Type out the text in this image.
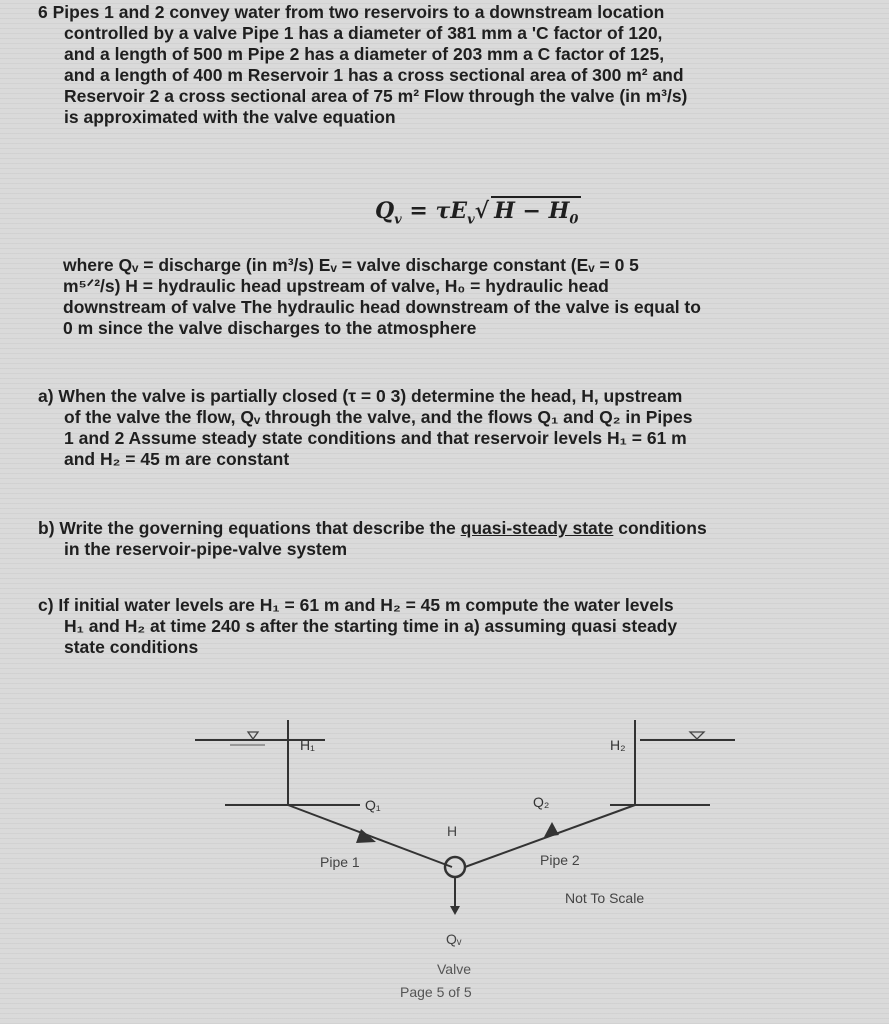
6 Pipes 1 and 2 convey water from two reservoirs to a downstream location
controlled by a valve Pipe 1 has a diameter of 381 mm a 'C factor of 120,
and a length of 500 m Pipe 2 has a diameter of 203 mm a C factor of 125,
and a length of 400 m Reservoir 1 has a cross sectional area of 300 m² and
Reservoir 2 a cross sectional area of 75 m² Flow through the valve (in m³/s)
is approximated with the valve equation
$Q_v = \tau E_v√$ $H - H_0$
where Qᵥ = discharge (in m³/s) Eᵥ = valve discharge constant (Eᵥ = 0 5
m⁵ᐟ²/s) H = hydraulic head upstream of valve, H₀ = hydraulic head
downstream of valve The hydraulic head downstream of the valve is equal to
0 m since the valve discharges to the atmosphere
a) When the valve is partially closed (τ = 0 3) determine the head, H, upstream
of the valve the flow, Qᵥ through the valve, and the flows Q₁ and Q₂ in Pipes
1 and 2 Assume steady state conditions and that reservoir levels H₁ = 61 m
and H₂ = 45 m are constant
b) Write the governing equations that describe the quasi-steady state conditions
in the reservoir-pipe-valve system
c) If initial water levels are H₁ = 61 m and H₂ = 45 m compute the water levels
H₁ and H₂ at time 240 s after the starting time in a) assuming quasi steady
state conditions
H₁
Q₁
Pipe 1
H
Qᵥ
Valve
Q₂
Pipe 2
Not To Scale
H₂
Page 5 of 5
